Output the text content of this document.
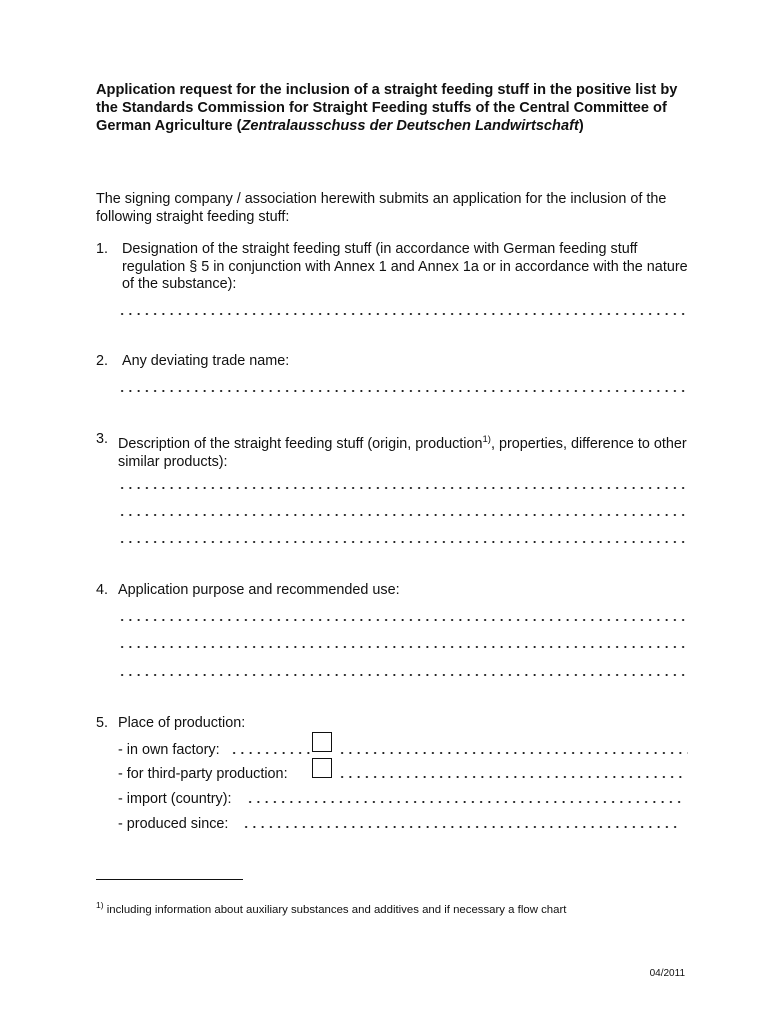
Application request for the inclusion of a straight feeding stuff in the positive list by the Standards Commission for Straight Feeding stuffs of the Central Committee of German Agriculture (Zentralausschuss der Deutschen Landwirtschaft)
The signing company / association herewith submits an application for the inclusion of the following straight feeding stuff:
1. Designation of the straight feeding stuff (in accordance with German feeding stuff regulation § 5 in conjunction with Annex 1 and Annex 1a or in accordance with the nature of the substance):
2. Any deviating trade name:
3. Description of the straight feeding stuff (origin, production$^{1)}$, properties, difference to other similar products):
4. Application purpose and recommended use:
5. Place of production:
- in own factory:
- for third-party production:
- import (country):
- produced since:
$^{1)}$ including information about auxiliary substances and additives and if necessary a flow chart
04/2011
